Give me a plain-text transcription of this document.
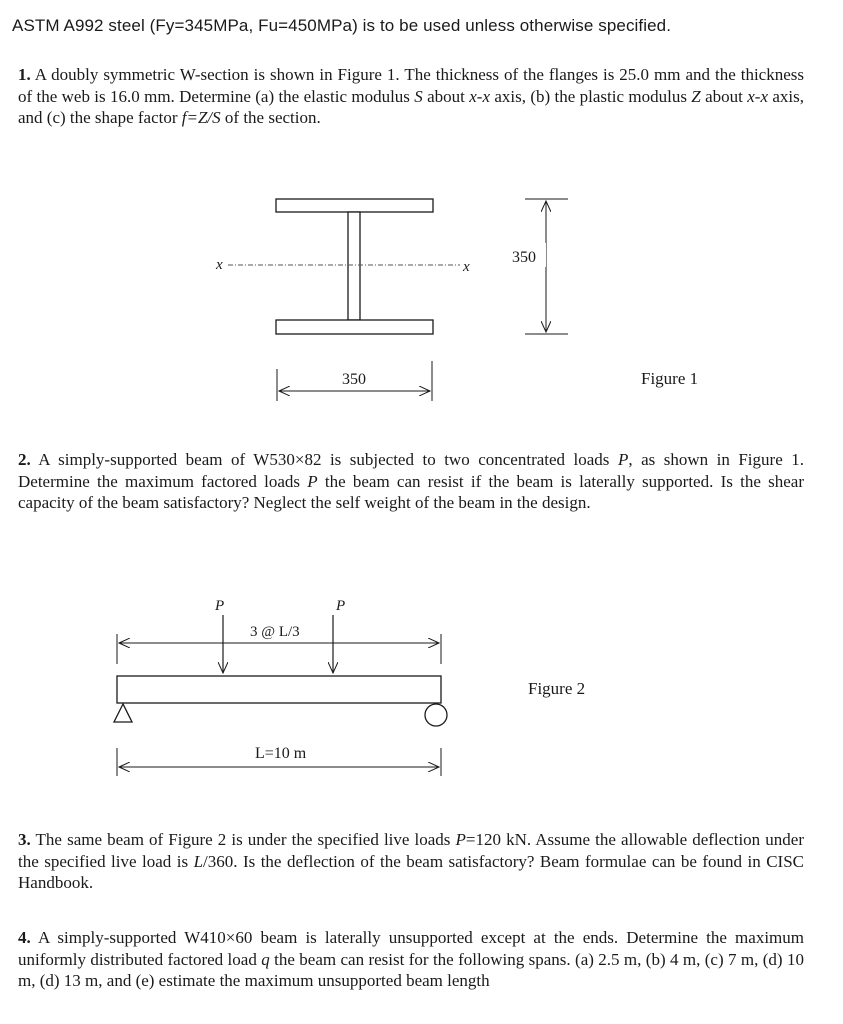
ASTM A992 steel (Fy=345MPa, Fu=450MPa) is to be used unless otherwise specified.
1. A doubly symmetric W-section is shown in Figure 1. The thickness of the flanges is 25.0 mm and the thickness of the web is 16.0 mm. Determine (a) the elastic modulus S about x-x axis, (b) the plastic modulus Z about x-x axis, and (c) the shape factor f=Z/S of the section.
2. A simply-supported beam of W530×82 is subjected to two concentrated loads P, as shown in Figure 1. Determine the maximum factored loads P the beam can resist if the beam is laterally supported. Is the shear capacity of the beam satisfactory? Neglect the self weight of the beam in the design.
3. The same beam of Figure 2 is under the specified live loads P=120 kN. Assume the allowable deflection under the specified live load is L/360. Is the deflection of the beam satisfactory? Beam formulae can be found in CISC Handbook.
4. A simply-supported W410×60 beam is laterally unsupported except at the ends. Determine the maximum uniformly distributed factored load q the beam can resist for the following spans. (a) 2.5 m, (b) 4 m, (c) 7 m, (d) 10 m, (d) 13 m, and (e) estimate the maximum unsupported beam length
x	x
350
350	Figure 1
P	P
3 @ L/3
L=10 m
Figure 2
